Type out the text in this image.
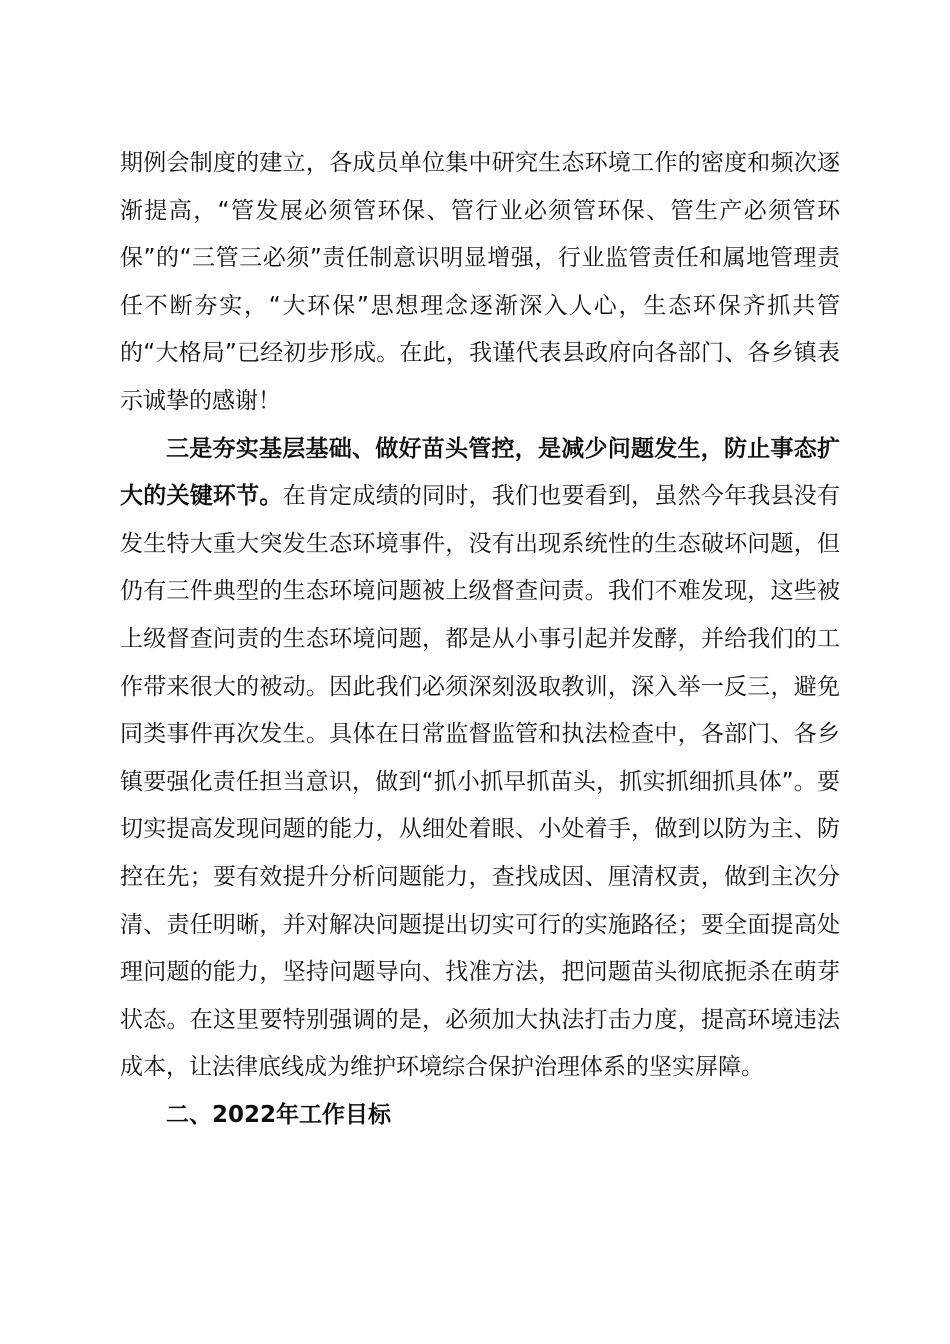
期例会制度的建立，各成员单位集中研究生态环境工作的密度和频次逐渐提高，“管发展必须管环保、管行业必须管环保、管生产必须管环保”的“三管三必须”责任制意识明显增强，行业监管责任和属地管理责任不断夯实，“大环保”思想理念逐渐深入人心，生态环保齐抓共管的“大格局”已经初步形成。在此，我谨代表县政府向各部门、各乡镇表示诚挚的感谢！

三是夯实基层基础、做好苗头管控，是减少问题发生，防止事态扩大的关键环节。在肯定成绩的同时，我们也要看到，虽然今年我县没有发生特大重大突发生态环境事件，没有出现系统性的生态破坏问题，但仍有三件典型的生态环境问题被上级督查问责。我们不难发现，这些被上级督查问责的生态环境问题，都是从小事引起并发酵，并给我们的工作带来很大的被动。因此我们必须深刻汲取教训，深入举一反三，避免同类事件再次发生。具体在日常监督监管和执法检查中，各部门、各乡镇要强化责任担当意识，做到“抓小抓早抓苗头，抓实抓细抓具体”。要切实提高发现问题的能力，从细处着眼、小处着手，做到以防为主、防控在先；要有效提升分析问题能力，查找成因、厘清权责，做到主次分清、责任明晰，并对解决问题提出切实可行的实施路径；要全面提高处理问题的能力，坚持问题导向、找准方法，把问题苗头彻底扼杀在萌芽状态。在这里要特别强调的是，必须加大执法打击力度，提高环境违法成本，让法律底线成为维护环境综合保护治理体系的坚实屏障。

二、2022年工作目标
